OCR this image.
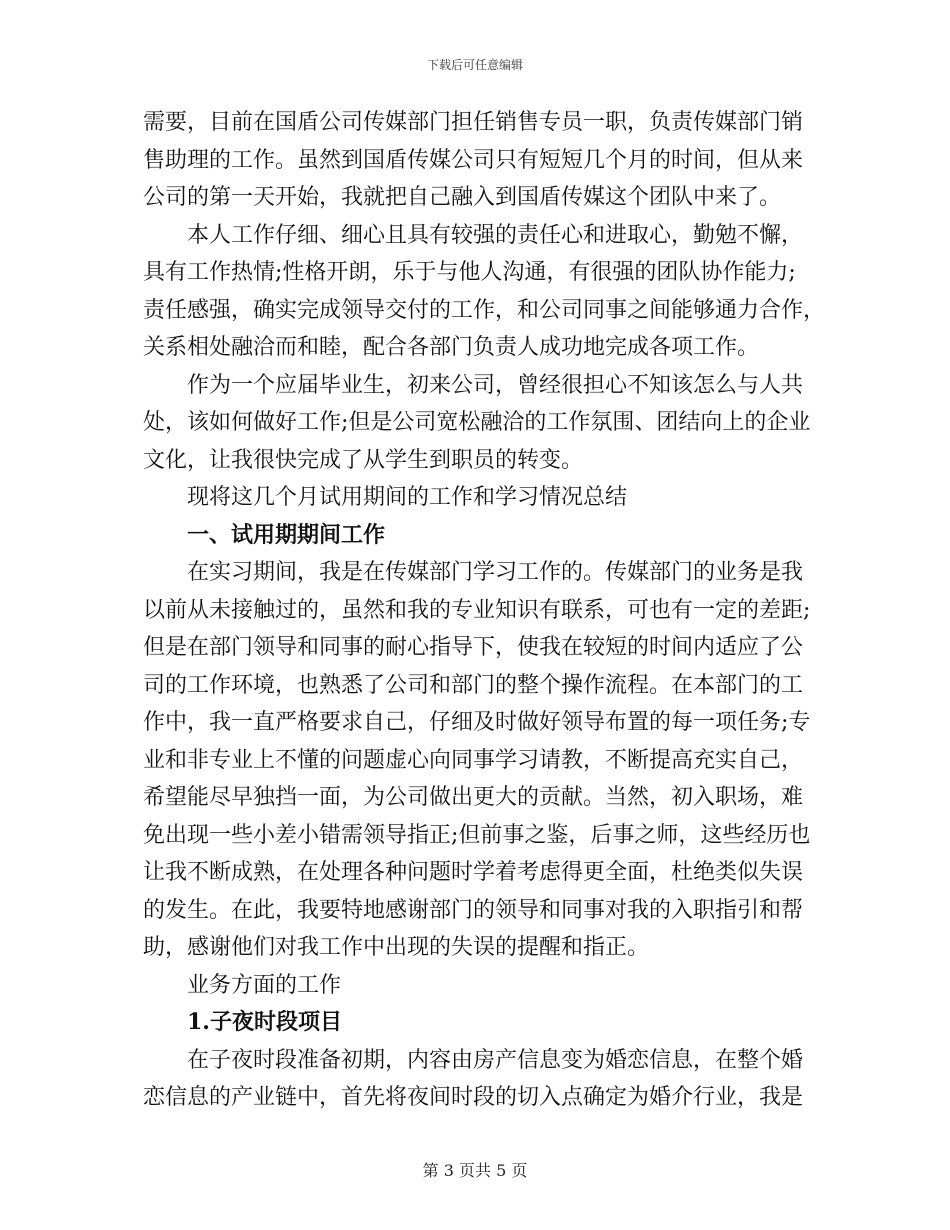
下载后可任意编辑

需要，目前在国盾公司传媒部门担任销售专员一职，负责传媒部门销

售助理的工作。虽然到国盾传媒公司只有短短几个月的时间，但从来

公司的第一天开始，我就把自己融入到国盾传媒这个团队中来了。

本人工作仔细、细心且具有较强的责任心和进取心，勤勉不懈，

具有工作热情;性格开朗，乐于与他人沟通，有很强的团队协作能力;

责任感强，确实完成领导交付的工作，和公司同事之间能够通力合作，

关系相处融洽而和睦，配合各部门负责人成功地完成各项工作。

作为一个应届毕业生，初来公司，曾经很担心不知该怎么与人共

处，该如何做好工作;但是公司宽松融洽的工作氛围、团结向上的企业

文化，让我很快完成了从学生到职员的转变。

现将这几个月试用期间的工作和学习情况总结

一、试用期期间工作

在实习期间，我是在传媒部门学习工作的。传媒部门的业务是我

以前从未接触过的，虽然和我的专业知识有联系，可也有一定的差距;

但是在部门领导和同事的耐心指导下，使我在较短的时间内适应了公

司的工作环境，也熟悉了公司和部门的整个操作流程。在本部门的工

作中，我一直严格要求自己，仔细及时做好领导布置的每一项任务;专

业和非专业上不懂的问题虚心向同事学习请教，不断提高充实自己，

希望能尽早独挡一面，为公司做出更大的贡献。当然，初入职场，难

免出现一些小差小错需领导指正;但前事之鉴，后事之师，这些经历也

让我不断成熟，在处理各种问题时学着考虑得更全面，杜绝类似失误

的发生。在此，我要特地感谢部门的领导和同事对我的入职指引和帮

助，感谢他们对我工作中出现的失误的提醒和指正。

业务方面的工作

1.子夜时段项目

在子夜时段准备初期，内容由房产信息变为婚恋信息，在整个婚

恋信息的产业链中，首先将夜间时段的切入点确定为婚介行业，我是

第 3 页共 5 页
